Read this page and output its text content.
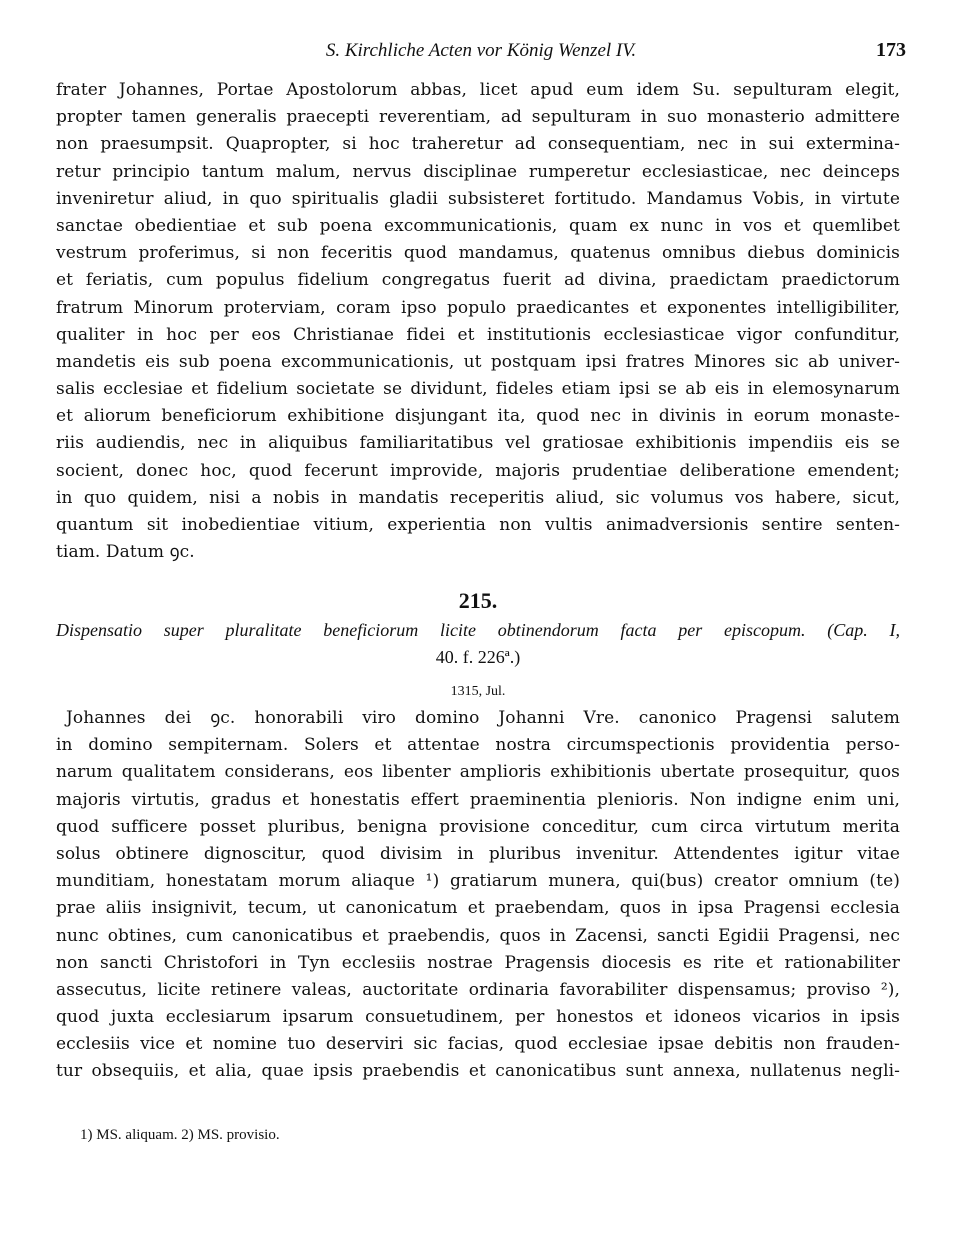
S. Kirchliche Acten vor König Wenzel IV.	173
frater Johannes, Portae Apostolorum abbas, licet apud eum idem Su. sepulturam elegit,
propter tamen generalis praecepti reverentiam, ad sepulturam in suo monasterio admittere
non praesumpsit. Quapropter, si hoc traheretur ad consequentiam, nec in sui extermina-
retur principio tantum malum, nervus disciplinae rumperetur ecclesiasticae, nec deinceps
inveniretur aliud, in quo spiritualis gladii subsisteret fortitudo. Mandamus Vobis, in virtute
sanctae obedientiae et sub poena excommunicationis, quam ex nunc in vos et quemlibet
vestrum proferimus, si non feceritis quod mandamus, quatenus omnibus diebus dominicis
et feriatis, cum populus fidelium congregatus fuerit ad divina, praedictam praedictorum
fratrum Minorum proterviam, coram ipso populo praedicantes et exponentes intelligibiliter,
qualiter in hoc per eos Christianae fidei et institutionis ecclesiasticae vigor confunditur,
mandetis eis sub poena excommunicationis, ut postquam ipsi fratres Minores sic ab univer-
salis ecclesiae et fidelium societate se dividunt, fideles etiam ipsi se ab eis in elemosynarum
et aliorum beneficiorum exhibitione disjungant ita, quod nec in divinis in eorum monaste-
riis audiendis, nec in aliquibus familiaritatibus vel gratiosae exhibitionis impendiis eis se
socient, donec hoc, quod fecerunt improvide, majoris prudentiae deliberatione emendent;
in quo quidem, nisi a nobis in mandatis receperitis aliud, sic volumus vos habere, sicut,
quantum sit inobedientiae vitium, experientia non vultis animadversionis sentire senten-
tiam. Datum ꝯc.
215.
Dispensatio super pluralitate beneficiorum licite obtinendorum facta per episcopum. (Cap. I,
40. f. 226ª.)
1315, Jul.
Johannes dei ꝯc. honorabili viro domino Johanni Vre. canonico Pragensi salutem
in domino sempiternam. Solers et attentae nostra circumspectionis providentia perso-
narum qualitatem considerans, eos libenter amplioris exhibitionis ubertate prosequitur, quos
majoris virtutis, gradus et honestatis effert praeminentia plenioris. Non indigne enim uni,
quod sufficere posset pluribus, benigna provisione conceditur, cum circa virtutum merita
solus obtinere dignoscitur, quod divisim in pluribus invenitur. Attendentes igitur vitae
munditiam, honestatam morum aliaque ¹) gratiarum munera, qui(bus) creator omnium (te)
prae aliis insignivit, tecum, ut canonicatum et praebendam, quos in ipsa Pragensi ecclesia
nunc obtines, cum canonicatibus et praebendis, quos in Zacensi, sancti Egidii Pragensi, nec
non sancti Christofori in Tyn ecclesiis nostrae Pragensis diocesis es rite et rationabiliter
assecutus, licite retinere valeas, auctoritate ordinaria favorabiliter dispensamus; proviso ²),
quod juxta ecclesiarum ipsarum consuetudinem, per honestos et idoneos vicarios in ipsis
ecclesiis vice et nomine tuo deserviri sic facias, quod ecclesiae ipsae debitis non frauden-
tur obsequiis, et alia, quae ipsis praebendis et canonicatibus sunt annexa, nullatenus negli-
1) MS. aliquam. 2) MS. provisio.
